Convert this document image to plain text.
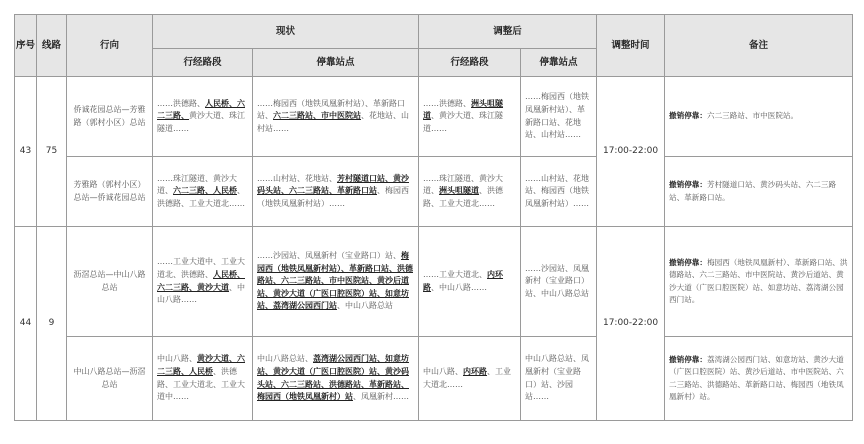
序号	线路	行向	现状		调整后		调整时间	备注
			行经路段	停靠站点	行经路段	停靠站点		
43	75	侨诚花园总站—芳雅路（郭村小区）总站	……洪德路、人民桥、六二三路、黄沙大道、珠江隧道……	……梅园西（地铁凤凰新村站）、革新路口站、六二三路站、市中医院站、花地站、山村站……	……洪德路、洲头咀隧道、黄沙大道、珠江隧道……	……梅园西（地铁凤凰新村站）、革新路口站、花地站、山村站……	17:00-22:00	撤销停靠：六二三路站、市中医院站。
		芳雅路（郭村小区）总站—侨诚花园总站	……珠江隧道、黄沙大道、六二三路、人民桥、洪德路、工业大道北……	……山村站、花地站、芳村隧道口站、黄沙码头站、六二三路站、革新路口站、梅园西（地铁凤凰新村站）……	……珠江隧道、黄沙大道、洲头咀隧道、洪德路、工业大道北……	……山村站、花地站、梅园西（地铁凤凰新村站）……		撤销停靠：芳村隧道口站、黄沙码头站、六二三路站、革新路口站。
44	9	沥滘总站—中山八路总站	……工业大道中、工业大道北、洪德路、人民桥、六二三路、黄沙大道、中山八路……	……沙园站、凤凰新村（宝业路口）站、梅园西（地铁凤凰新村站）、革新路口站、洪德路站、六二三路站、市中医院站、黄沙后道站、黄沙大道（广医口腔医院）站、如意坊站、荔湾湖公园西门站、中山八路总站	……工业大道北、内环路、中山八路……	……沙园站、凤凰新村（宝业路口）站、中山八路总站	17:00-22:00	撤销停靠：梅园西（地铁凤凰新村）、革新路口站、洪德路站、六二三路站、市中医院站、黄沙后道站、黄沙大道（广医口腔医院）站、如意坊站、荔湾湖公园西门站。
		中山八路总站—沥滘总站	中山八路、黄沙大道、六二三路、人民桥、洪德路、工业大道北、工业大道中……	中山八路总站、荔湾湖公园西门站、如意坊站、黄沙大道（广医口腔医院）站、黄沙码头站、六二三路站、洪德路站、革新路站、梅园西（地铁凤凰新村）站、凤凰新村……	中山八路、内环路、工业大道北……	中山八路总站、凤凰新村（宝业路口）站、沙园站……		撤销停靠：荔湾湖公园西门站、如意坊站、黄沙大道（广医口腔医院）站、黄沙后道站、市中医院站、六二三路站、洪德路站、革新路口站、梅园西（地铁凤凰新村）站。
